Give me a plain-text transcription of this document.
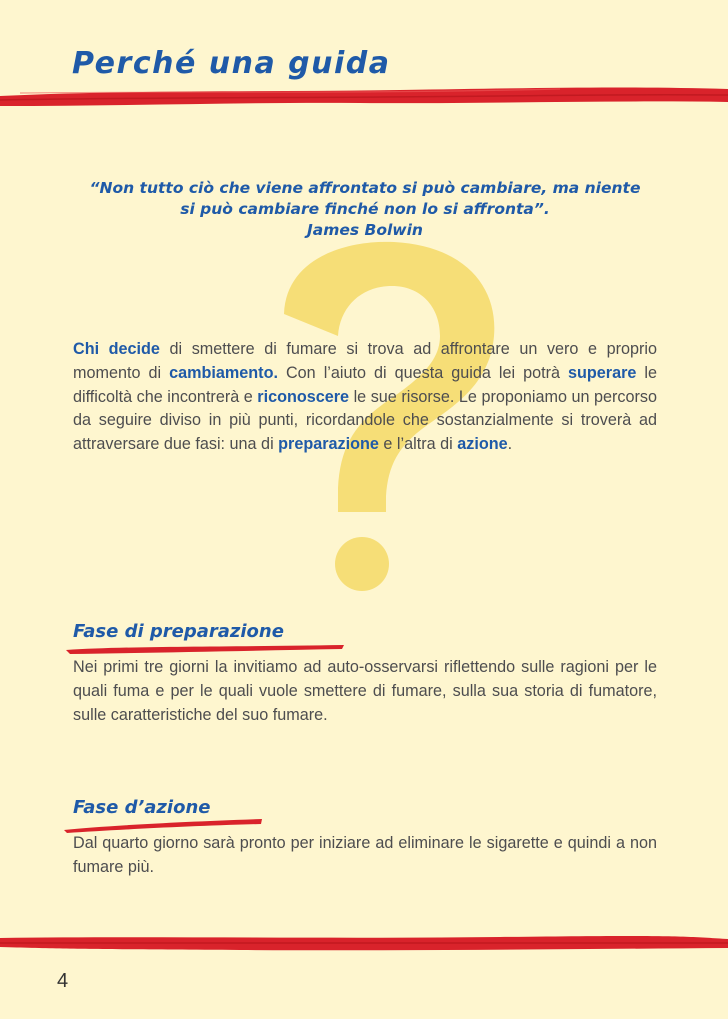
Perché una guida
“Non tutto ciò che viene affrontato si può cambiare, ma niente
si può cambiare finché non lo si affronta”.
James Bolwin

Chi decide di smettere di fumare si trova ad affrontare un vero e proprio momento di cambiamento. Con l’aiuto di questa guida lei potrà superare le difficoltà che incontrerà e riconoscere le sue risorse. Le proponiamo un percorso da seguire diviso in più punti, ricordandole che sostanzialmente si troverà ad attraversare due fasi: una di preparazione e l’altra di azione.

Fase di preparazione

Nei primi tre giorni la invitiamo ad auto-osservarsi riflettendo sulle ragioni per le quali fuma e per le quali vuole smettere di fumare, sulla sua storia di fumatore, sulle caratteristiche del suo fumare.

Fase d’azione

Dal quarto giorno sarà pronto per iniziare ad eliminare le sigarette e quindi a non fumare più.

4
